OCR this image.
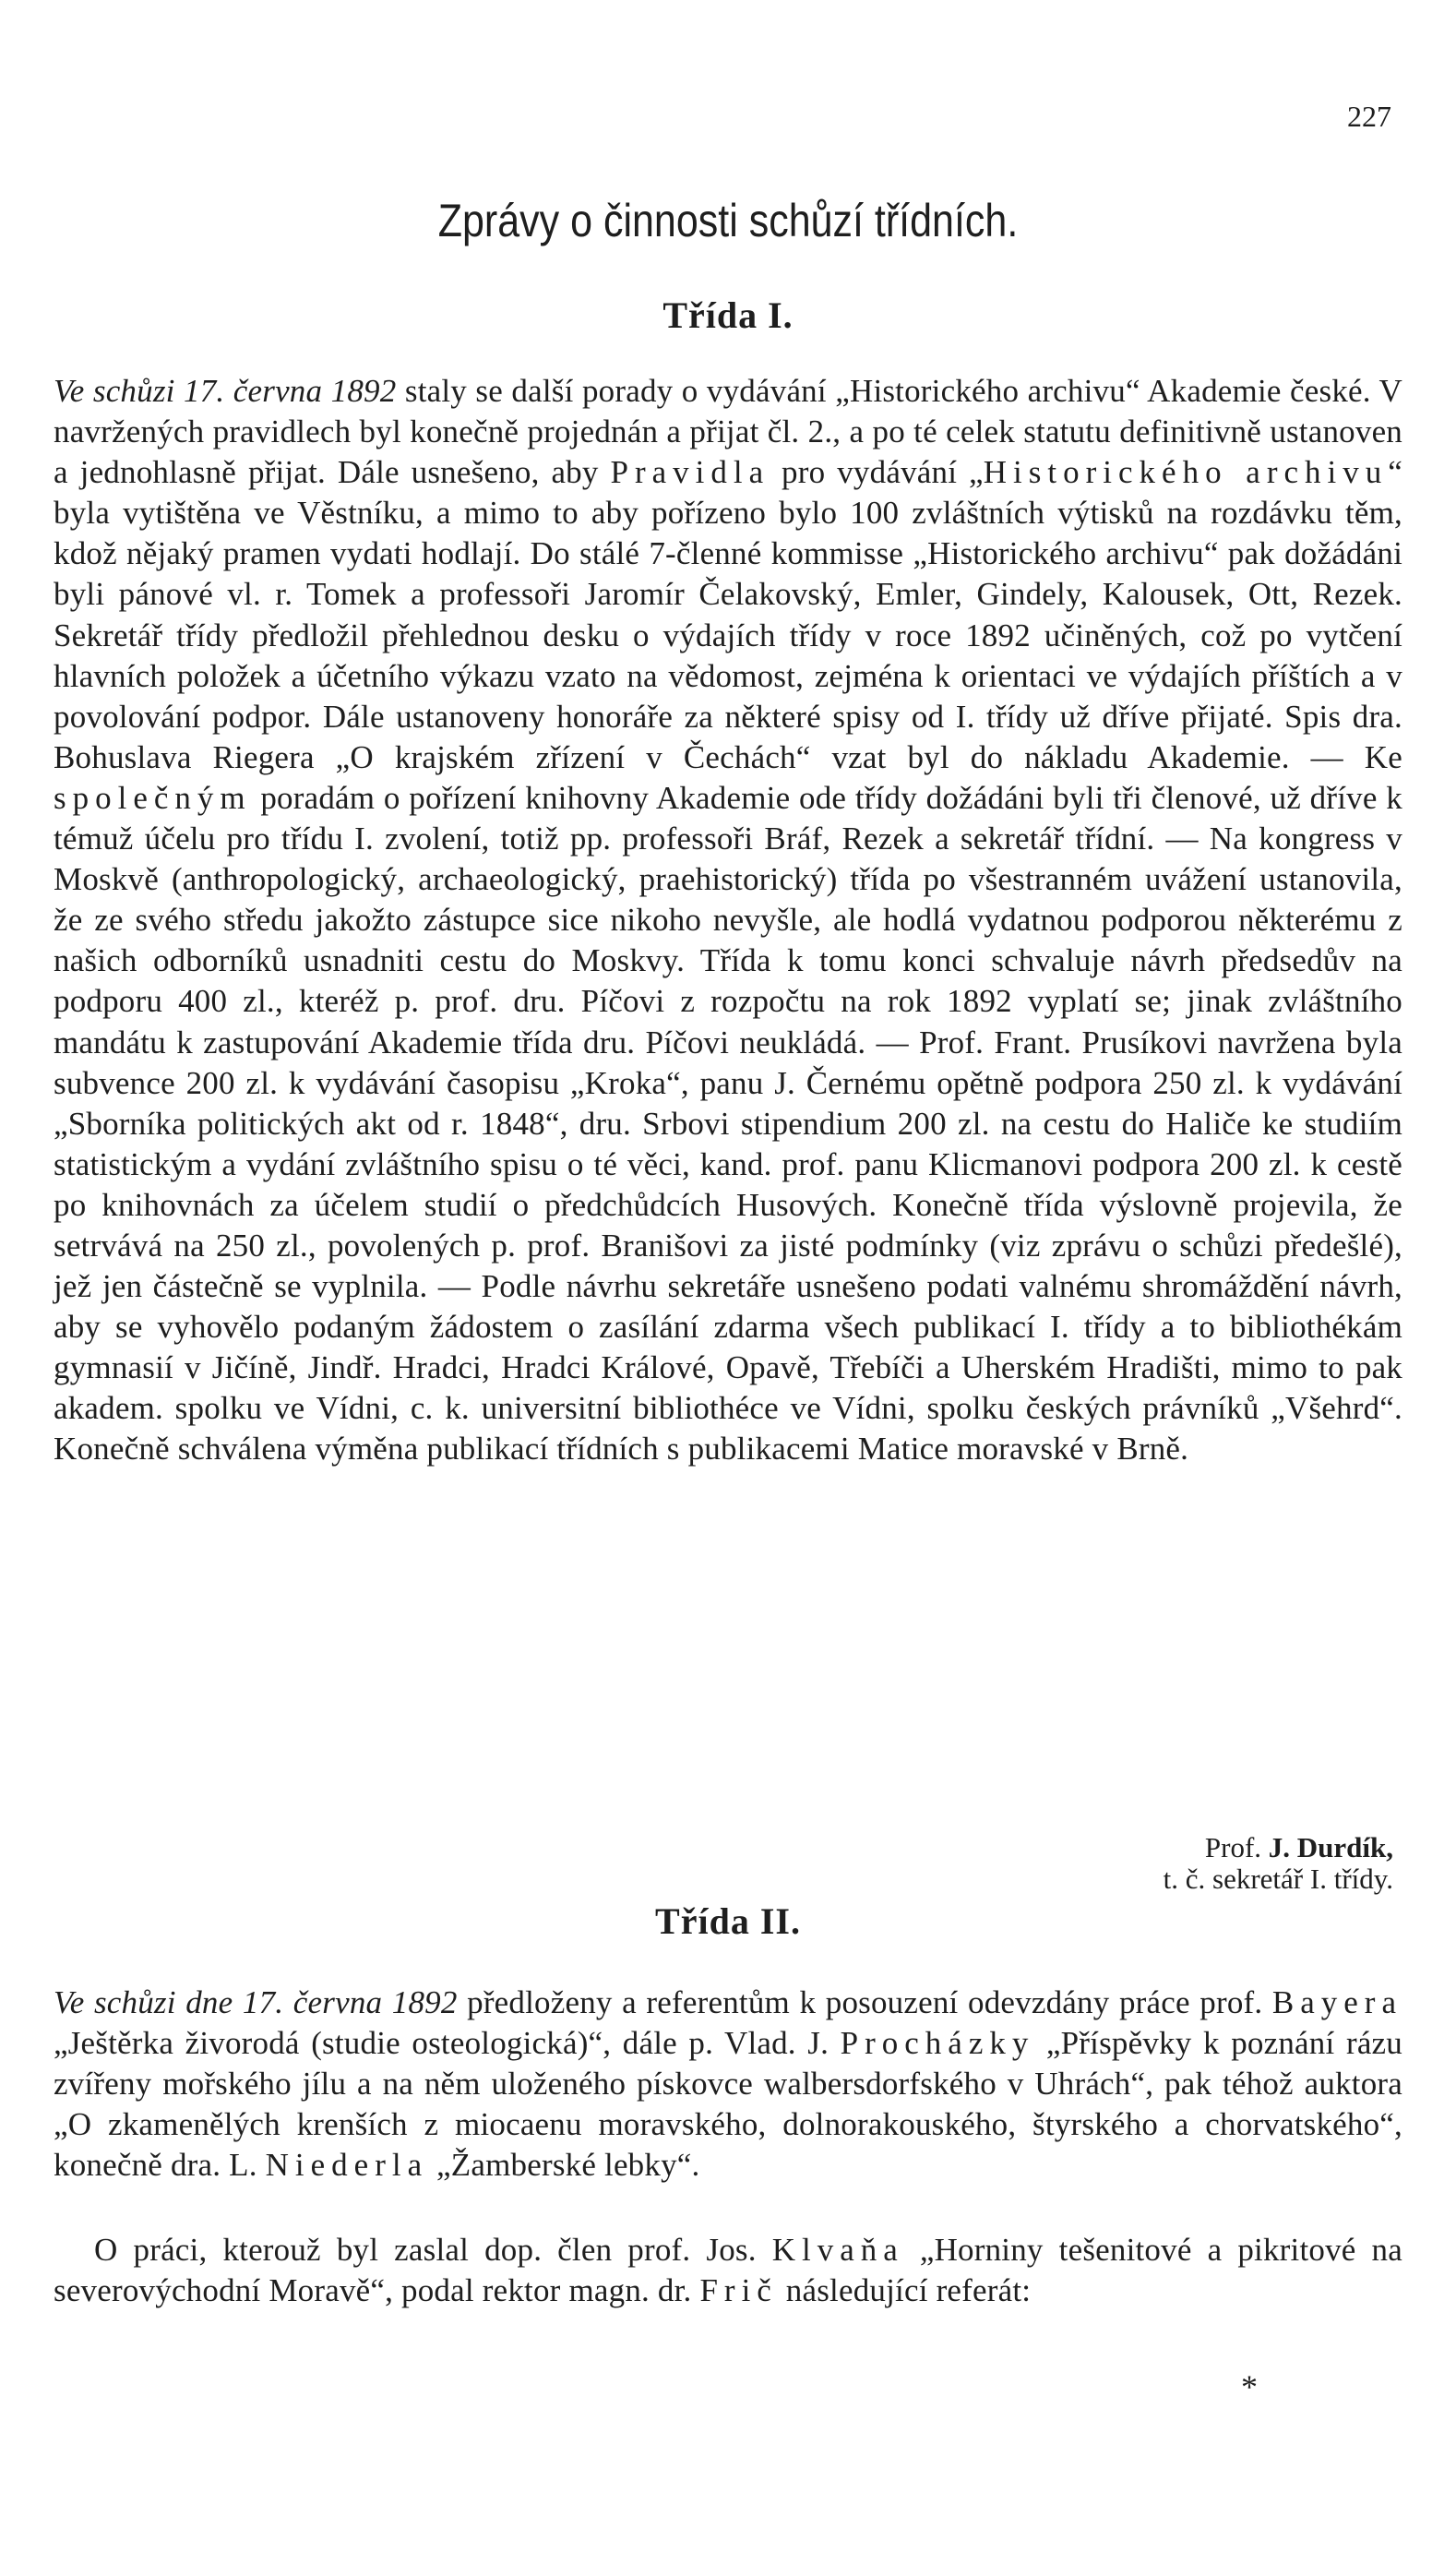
227
Zprávy o činnosti schůzí třídních.
Třída I.

Ve schůzi 17. června 1892 staly se další porady o vydávání „Historického archivu“ Akademie české. V navržených pravidlech byl konečně projednán a přijat čl. 2., a po té celek statutu definitivně ustanoven a jednohlasně přijat. Dále usnešeno, aby Pravidla pro vydávání „Historického archivu“ byla vytištěna ve Věstníku, a mimo to aby pořízeno bylo 100 zvláštních výtisků na rozdávku těm, kdož nějaký pramen vydati hodlají. Do stálé 7-členné kommisse „Historického archivu“ pak dožádáni byli pánové vl. r. Tomek a professoři Jaromír Čelakovský, Emler, Gindely, Kalousek, Ott, Rezek. Sekretář třídy předložil přehlednou desku o výdajích třídy v roce 1892 učiněných, což po vytčení hlavních položek a účetního výkazu vzato na vědomost, zejména k orientaci ve výdajích příštích a v povolování podpor. Dále ustanoveny honoráře za některé spisy od I. třídy už dříve přijaté. Spis dra. Bohuslava Riegera „O krajském zřízení v Čechách“ vzat byl do nákladu Akademie. — Ke společným poradám o pořízení knihovny Akademie ode třídy dožádáni byli tři členové, už dříve k témuž účelu pro třídu I. zvolení, totiž pp. professoři Bráf, Rezek a sekretář třídní. — Na kongress v Moskvě (anthropologický, archaeologický, praehistorický) třída po všestranném uvážení ustanovila, že ze svého středu jakožto zástupce sice nikoho nevyšle, ale hodlá vydatnou podporou některému z našich odborníků usnadniti cestu do Moskvy. Třída k tomu konci schvaluje návrh předsedův na podporu 400 zl., kteréž p. prof. dru. Píčovi z rozpočtu na rok 1892 vyplatí se; jinak zvláštního mandátu k zastupování Akademie třída dru. Píčovi neukládá. — Prof. Frant. Prusíkovi navržena byla subvence 200 zl. k vydávání časopisu „Kroka“, panu J. Černému opětně podpora 250 zl. k vydávání „Sborníka politických akt od r. 1848“, dru. Srbovi stipendium 200 zl. na cestu do Haliče ke studiím statistickým a vydání zvláštního spisu o té věci, kand. prof. panu Klicmanovi podpora 200 zl. k cestě po knihovnách za účelem studií o předchůdcích Husových. Konečně třída výslovně projevila, že setrvává na 250 zl., povolených p. prof. Branišovi za jisté podmínky (viz zprávu o schůzi předešlé), jež jen částečně se vyplnila. — Podle návrhu sekretáře usnešeno podati valnému shromáždění návrh, aby se vyhovělo podaným žádostem o zasílání zdarma všech publikací I. třídy a to bibliothékám gymnasií v Jičíně, Jindř. Hradci, Hradci Králové, Opavě, Třebíči a Uherském Hradišti, mimo to pak akadem. spolku ve Vídni, c. k. universitní bibliothéce ve Vídni, spolku českých právníků „Všehrd“. Konečně schválena výměna publikací třídních s publikacemi Matice moravské v Brně.

Prof. J. Durdík,
t. č. sekretář I. třídy.
Třída II.

Ve schůzi dne 17. června 1892 předloženy a referentům k posouzení odevzdány práce prof. Bayera „Ještěrka živorodá (studie osteologická)“, dále p. Vlad. J. Procházky „Příspěvky k poznání rázu zvířeny mořského jílu a na něm uloženého pískovce walbersdorfského v Uhrách“, pak téhož auktora „O zkamenělých krenších z miocaenu moravského, dolnorakouského, štyrského a chorvatského“, konečně dra. L. Niederla „Žamberské lebky“.

O práci, kterouž byl zaslal dop. člen prof. Jos. Klvaňa „Horniny tešenitové a pikritové na severovýchodní Moravě“, podal rektor magn. dr. Frič následující referát:

*
